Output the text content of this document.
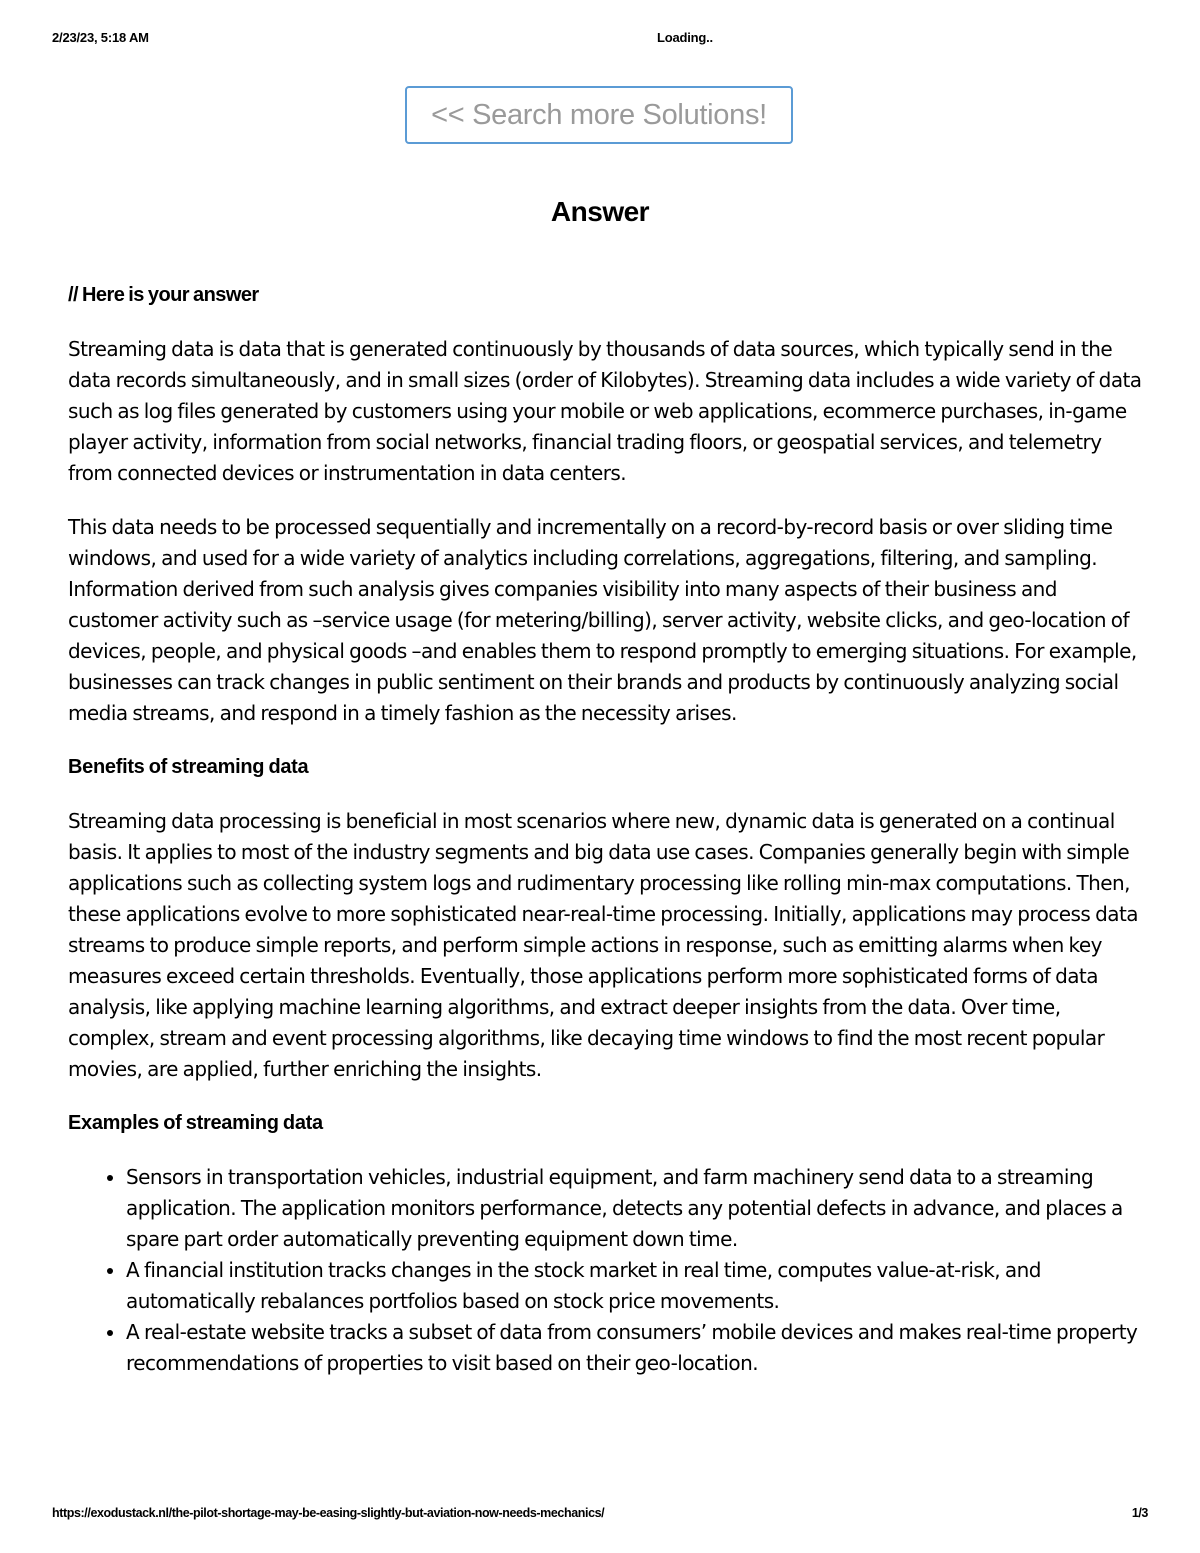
2/23/23, 5:18 AM	Loading..
<< Search more Solutions!
Answer

// Here is your answer

Streaming data is data that is generated continuously by thousands of data sources, which typically send in the data records simultaneously, and in small sizes (order of Kilobytes). Streaming data includes a wide variety of data such as log files generated by customers using your mobile or web applications, ecommerce purchases, in-game player activity, information from social networks, financial trading floors, or geospatial services, and telemetry from connected devices or instrumentation in data centers.

This data needs to be processed sequentially and incrementally on a record-by-record basis or over sliding time windows, and used for a wide variety of analytics including correlations, aggregations, filtering, and sampling. Information derived from such analysis gives companies visibility into many aspects of their business and customer activity such as –service usage (for metering/billing), server activity, website clicks, and geo-location of devices, people, and physical goods –and enables them to respond promptly to emerging situations. For example, businesses can track changes in public sentiment on their brands and products by continuously analyzing social media streams, and respond in a timely fashion as the necessity arises.

Benefits of streaming data

Streaming data processing is beneficial in most scenarios where new, dynamic data is generated on a continual basis. It applies to most of the industry segments and big data use cases. Companies generally begin with simple applications such as collecting system logs and rudimentary processing like rolling min-max computations. Then, these applications evolve to more sophisticated near-real-time processing. Initially, applications may process data streams to produce simple reports, and perform simple actions in response, such as emitting alarms when key measures exceed certain thresholds. Eventually, those applications perform more sophisticated forms of data analysis, like applying machine learning algorithms, and extract deeper insights from the data. Over time, complex, stream and event processing algorithms, like decaying time windows to find the most recent popular movies, are applied, further enriching the insights.

Examples of streaming data
• Sensors in transportation vehicles, industrial equipment, and farm machinery send data to a streaming application. The application monitors performance, detects any potential defects in advance, and places a spare part order automatically preventing equipment down time.
• A financial institution tracks changes in the stock market in real time, computes value-at-risk, and automatically rebalances portfolios based on stock price movements.
• A real-estate website tracks a subset of data from consumers’ mobile devices and makes real-time property recommendations of properties to visit based on their geo-location.
https://exodustack.nl/the-pilot-shortage-may-be-easing-slightly-but-aviation-now-needs-mechanics/	1/3
